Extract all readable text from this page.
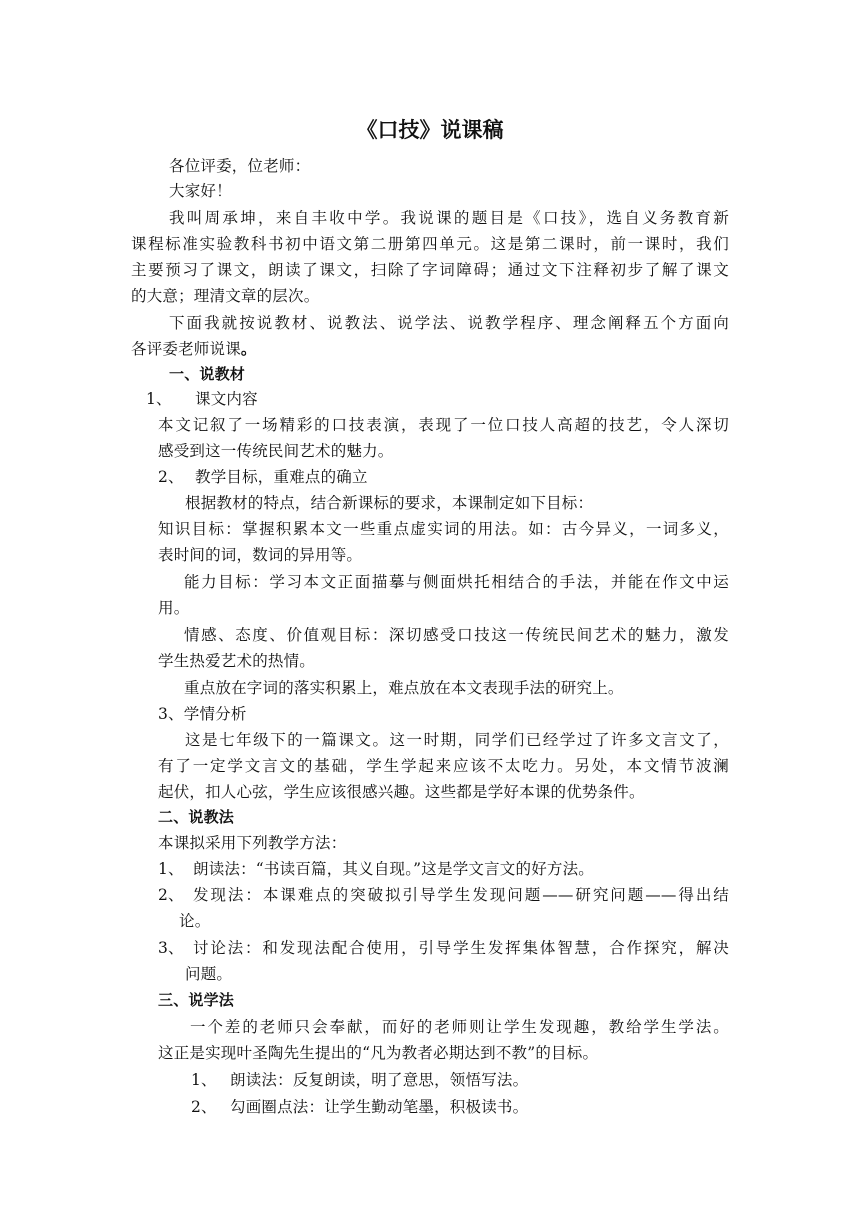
《口技》说课稿

各位评委，位老师：

大家好！

我叫周承坤，来自丰收中学。我说课的题目是《口技》，选自义务教育新

课程标准实验教科书初中语文第二册第四单元。这是第二课时，前一课时，我们

主要预习了课文，朗读了课文，扫除了字词障碍；通过文下注释初步了解了课文

的大意；理清文章的层次。

下面我就按说教材、说教法、说学法、说教学程序、理念阐释五个方面向

各评委老师说课。

一、说教材

1、 课文内容

本文记叙了一场精彩的口技表演，表现了一位口技人高超的技艺，令人深切

感受到这一传统民间艺术的魅力。

2、 教学目标，重难点的确立

根据教材的特点，结合新课标的要求，本课制定如下目标：

知识目标：掌握积累本文一些重点虚实词的用法。如：古今异义，一词多义，

表时间的词，数词的异用等。

能力目标：学习本文正面描摹与侧面烘托相结合的手法，并能在作文中运

用。

情感、态度、价值观目标：深切感受口技这一传统民间艺术的魅力，激发

学生热爱艺术的热情。

重点放在字词的落实积累上，难点放在本文表现手法的研究上。

3、学情分析

这是七年级下的一篇课文。这一时期，同学们已经学过了许多文言文了，

有了一定学文言文的基础，学生学起来应该不太吃力。另处，本文情节波澜

起伏，扣人心弦，学生应该很感兴趣。这些都是学好本课的优势条件。

二、说教法

本课拟采用下列教学方法：

1、 朗读法：“书读百篇，其义自现。”这是学文言文的好方法。

2、 发现法：本课难点的突破拟引导学生发现问题——研究问题——得出结

论。

3、 讨论法：和发现法配合使用，引导学生发挥集体智慧，合作探究，解决

问题。

三、说学法

一个差的老师只会奉献，而好的老师则让学生发现趣，教给学生学法。

这正是实现叶圣陶先生提出的“凡为教者必期达到不教”的目标。

1、 朗读法：反复朗读，明了意思，领悟写法。

2、 勾画圈点法：让学生勤动笔墨，积极读书。
